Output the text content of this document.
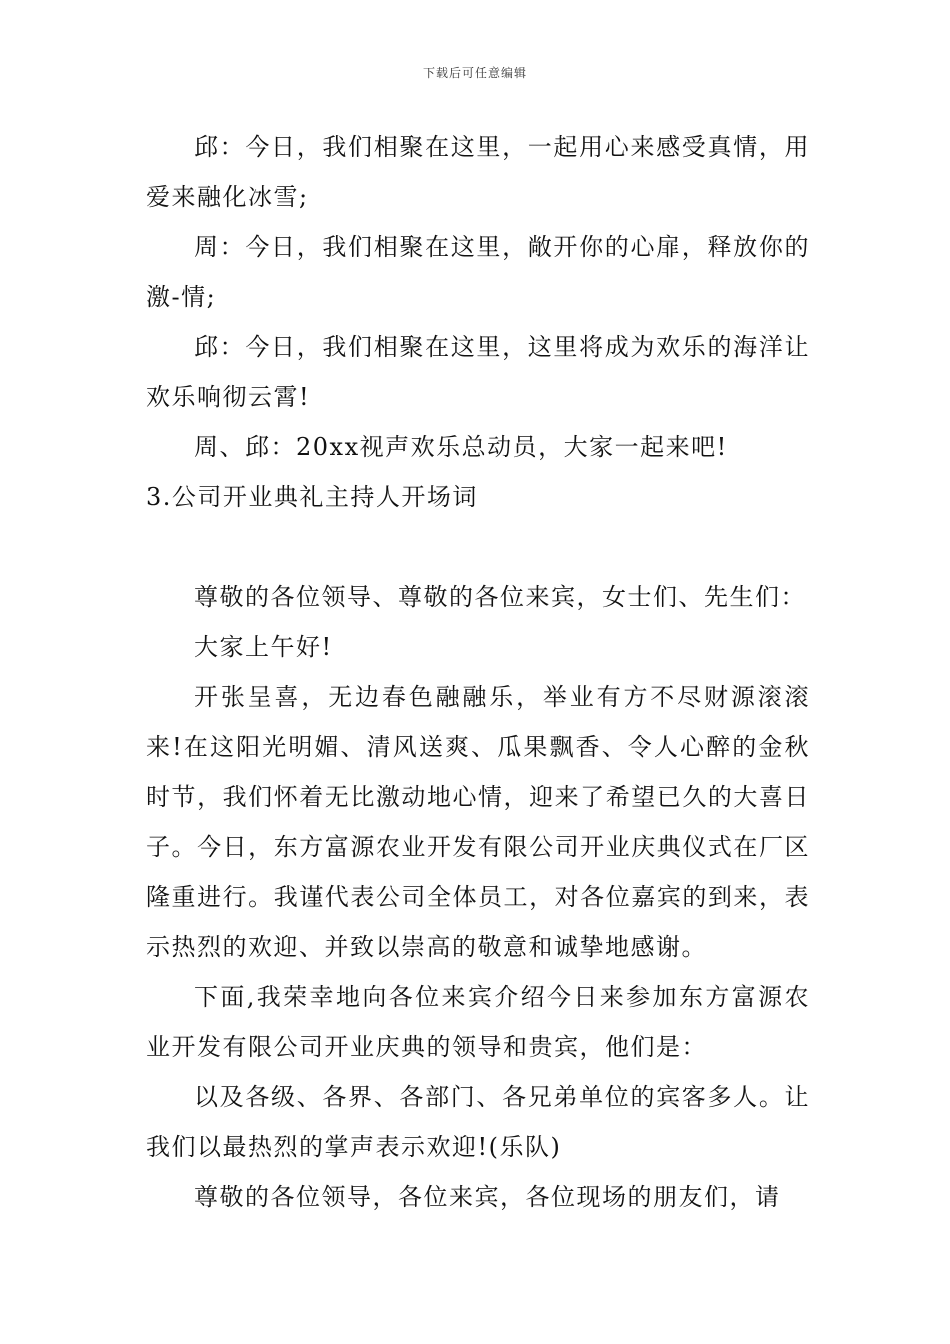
下载后可任意编辑

邱：今日，我们相聚在这里，一起用心来感受真情，用爱来融化冰雪;

周：今日，我们相聚在这里，敞开你的心扉，释放你的激-情;

邱：今日，我们相聚在这里，这里将成为欢乐的海洋让欢乐响彻云霄!

周、邱：20xx视声欢乐总动员，大家一起来吧!

3.公司开业典礼主持人开场词

尊敬的各位领导、尊敬的各位来宾，女士们、先生们：

大家上午好!

开张呈喜，无边春色融融乐，举业有方不尽财源滚滚来!在这阳光明媚、清风送爽、瓜果飘香、令人心醉的金秋时节，我们怀着无比激动地心情，迎来了希望已久的大喜日子。今日，东方富源农业开发有限公司开业庆典仪式在厂区隆重进行。我谨代表公司全体员工，对各位嘉宾的到来，表示热烈的欢迎、并致以崇高的敬意和诚挚地感谢。

下面,我荣幸地向各位来宾介绍今日来参加东方富源农业开发有限公司开业庆典的领导和贵宾，他们是：

以及各级、各界、各部门、各兄弟单位的宾客多人。让我们以最热烈的掌声表示欢迎!(乐队)

尊敬的各位领导，各位来宾，各位现场的朋友们，请
